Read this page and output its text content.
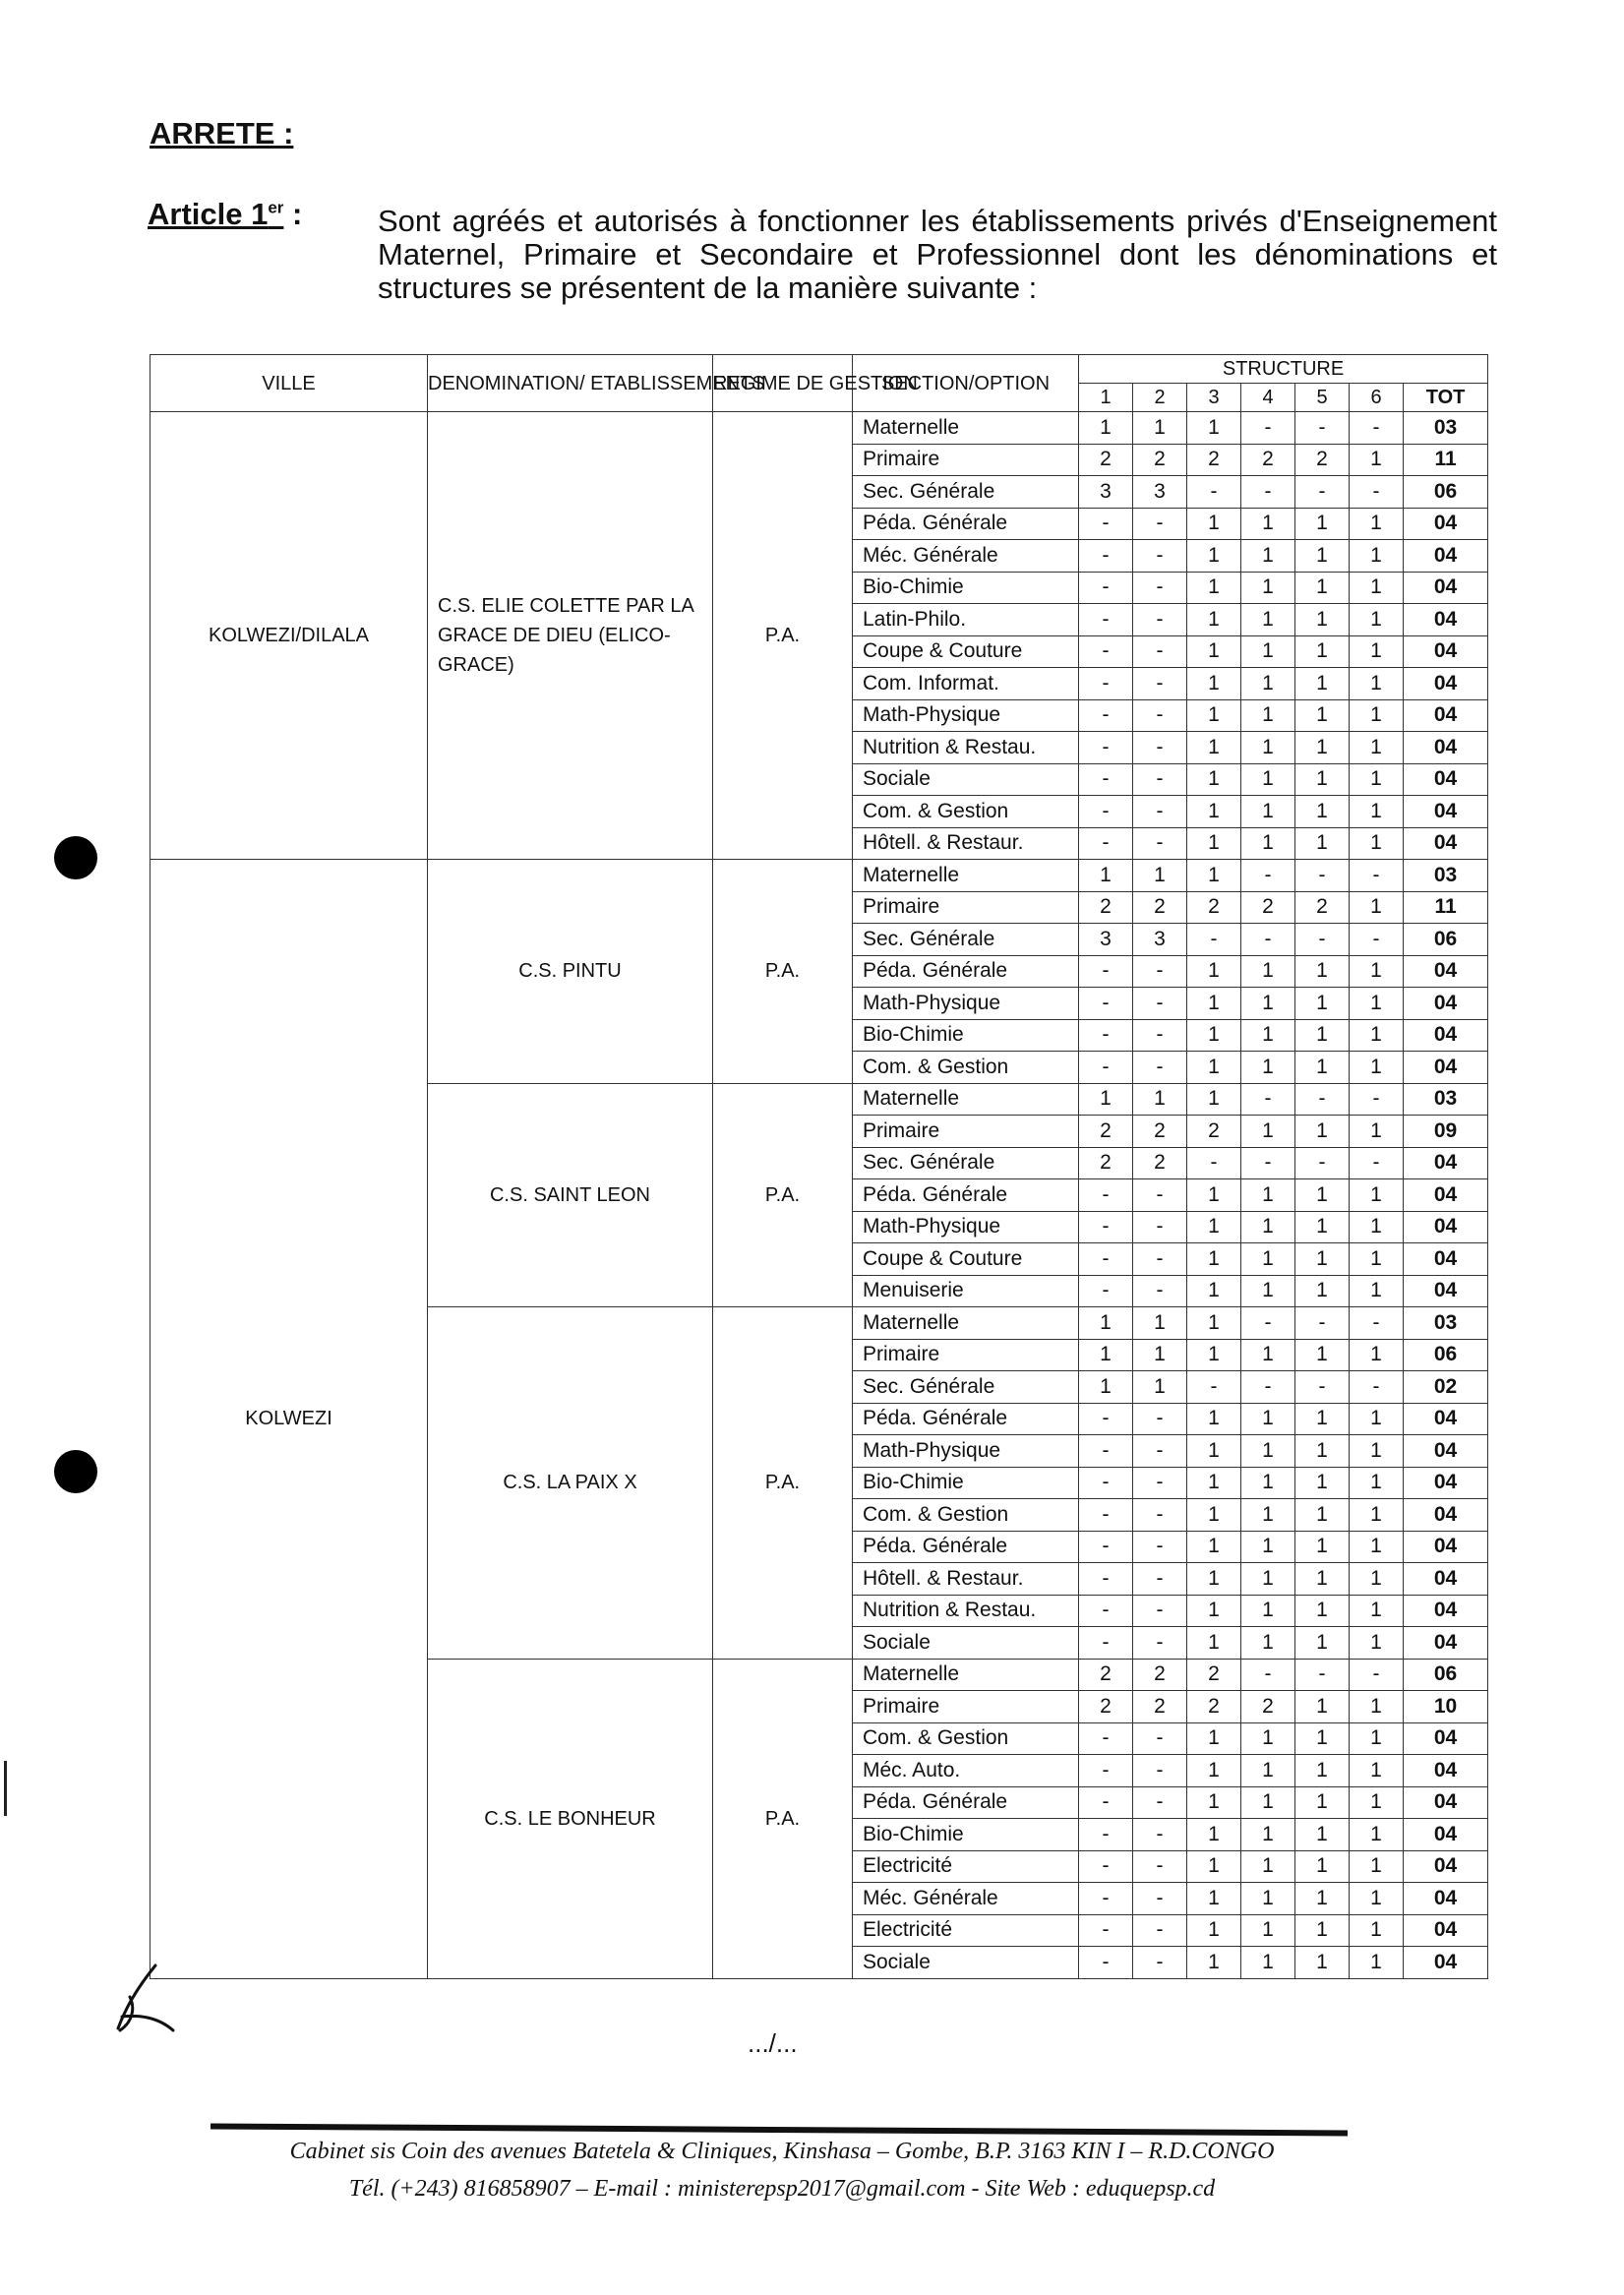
ARRETE :
Article 1er : Sont agréés et autorisés à fonctionner les établissements privés d'Enseignement Maternel, Primaire et Secondaire et Professionnel dont les dénominations et structures se présentent de la manière suivante :
VILLE	DENOMINATION/ ETABLISSEMENTS	REGIME DE GESTION	SECTION/OPTION	STRUCTURE						
				1	2	3	4	5	6	TOT
KOLWEZI/DILALA	C.S. ELIE COLETTE PAR LA GRACE DE DIEU (ELICO-GRACE)	P.A.	Maternelle	1	1	1	-	-	-	03
			Primaire	2	2	2	2	2	1	11
			Sec. Générale	3	3	-	-	-	-	06
			Péda. Générale	-	-	1	1	1	1	04
			Méc. Générale	-	-	1	1	1	1	04
			Bio-Chimie	-	-	1	1	1	1	04
			Latin-Philo.	-	-	1	1	1	1	04
			Coupe & Couture	-	-	1	1	1	1	04
			Com. Informat.	-	-	1	1	1	1	04
			Math-Physique	-	-	1	1	1	1	04
			Nutrition & Restau.	-	-	1	1	1	1	04
			Sociale	-	-	1	1	1	1	04
			Com. & Gestion	-	-	1	1	1	1	04
			Hôtell. & Restaur.	-	-	1	1	1	1	04
KOLWEZI	C.S. PINTU	P.A.	Maternelle	1	1	1	-	-	-	03
			Primaire	2	2	2	2	2	1	11
			Sec. Générale	3	3	-	-	-	-	06
			Péda. Générale	-	-	1	1	1	1	04
			Math-Physique	-	-	1	1	1	1	04
			Bio-Chimie	-	-	1	1	1	1	04
			Com. & Gestion	-	-	1	1	1	1	04
	C.S. SAINT LEON	P.A.	Maternelle	1	1	1	-	-	-	03
			Primaire	2	2	2	1	1	1	09
			Sec. Générale	2	2	-	-	-	-	04
			Péda. Générale	-	-	1	1	1	1	04
			Math-Physique	-	-	1	1	1	1	04
			Coupe & Couture	-	-	1	1	1	1	04
			Menuiserie	-	-	1	1	1	1	04
	C.S. LA PAIX X	P.A.	Maternelle	1	1	1	-	-	-	03
			Primaire	1	1	1	1	1	1	06
			Sec. Générale	1	1	-	-	-	-	02
			Péda. Générale	-	-	1	1	1	1	04
			Math-Physique	-	-	1	1	1	1	04
			Bio-Chimie	-	-	1	1	1	1	04
			Com. & Gestion	-	-	1	1	1	1	04
			Péda. Générale	-	-	1	1	1	1	04
			Hôtell. & Restaur.	-	-	1	1	1	1	04
			Nutrition & Restau.	-	-	1	1	1	1	04
			Sociale	-	-	1	1	1	1	04
	C.S. LE BONHEUR	P.A.	Maternelle	2	2	2	-	-	-	06
			Primaire	2	2	2	2	1	1	10
			Com. & Gestion	-	-	1	1	1	1	04
			Méc. Auto.	-	-	1	1	1	1	04
			Péda. Générale	-	-	1	1	1	1	04
			Bio-Chimie	-	-	1	1	1	1	04
			Electricité	-	-	1	1	1	1	04
			Méc. Générale	-	-	1	1	1	1	04
			Electricité	-	-	1	1	1	1	04
			Sociale	-	-	1	1	1	1	04
.../...
Cabinet sis Coin des avenues Batetela & Cliniques, Kinshasa – Gombe, B.P. 3163 KIN I – R.D.CONGO
Tél. (+243) 816858907 – E-mail : ministerepsp2017@gmail.com - Site Web : eduquepsp.cd
